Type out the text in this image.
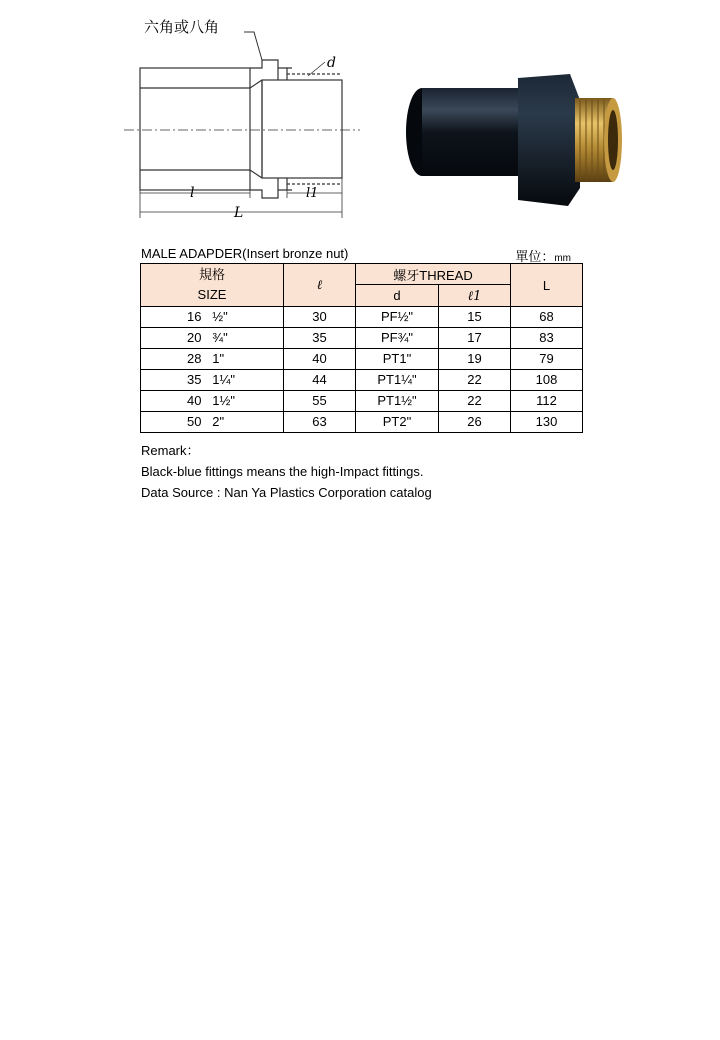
六角或八角
d
l	l1
L
MALE ADAPDER(Insert bronze nut)	單位：mm
規格
SIZE	ℓ	螺牙THREAD		L
		d	ℓ1	
16   ½"	30	PF½"	15	68
20   ¾"	35	PF¾"	17	83
28   1"	40	PT1"	19	79
35   1¼"	44	PT1¼"	22	108
40   1½"	55	PT1½"	22	112
50   2"	63	PT2"	26	130
Remark：
Black-blue fittings means the high-Impact fittings.
Data Source : Nan Ya Plastics Corporation catalog
